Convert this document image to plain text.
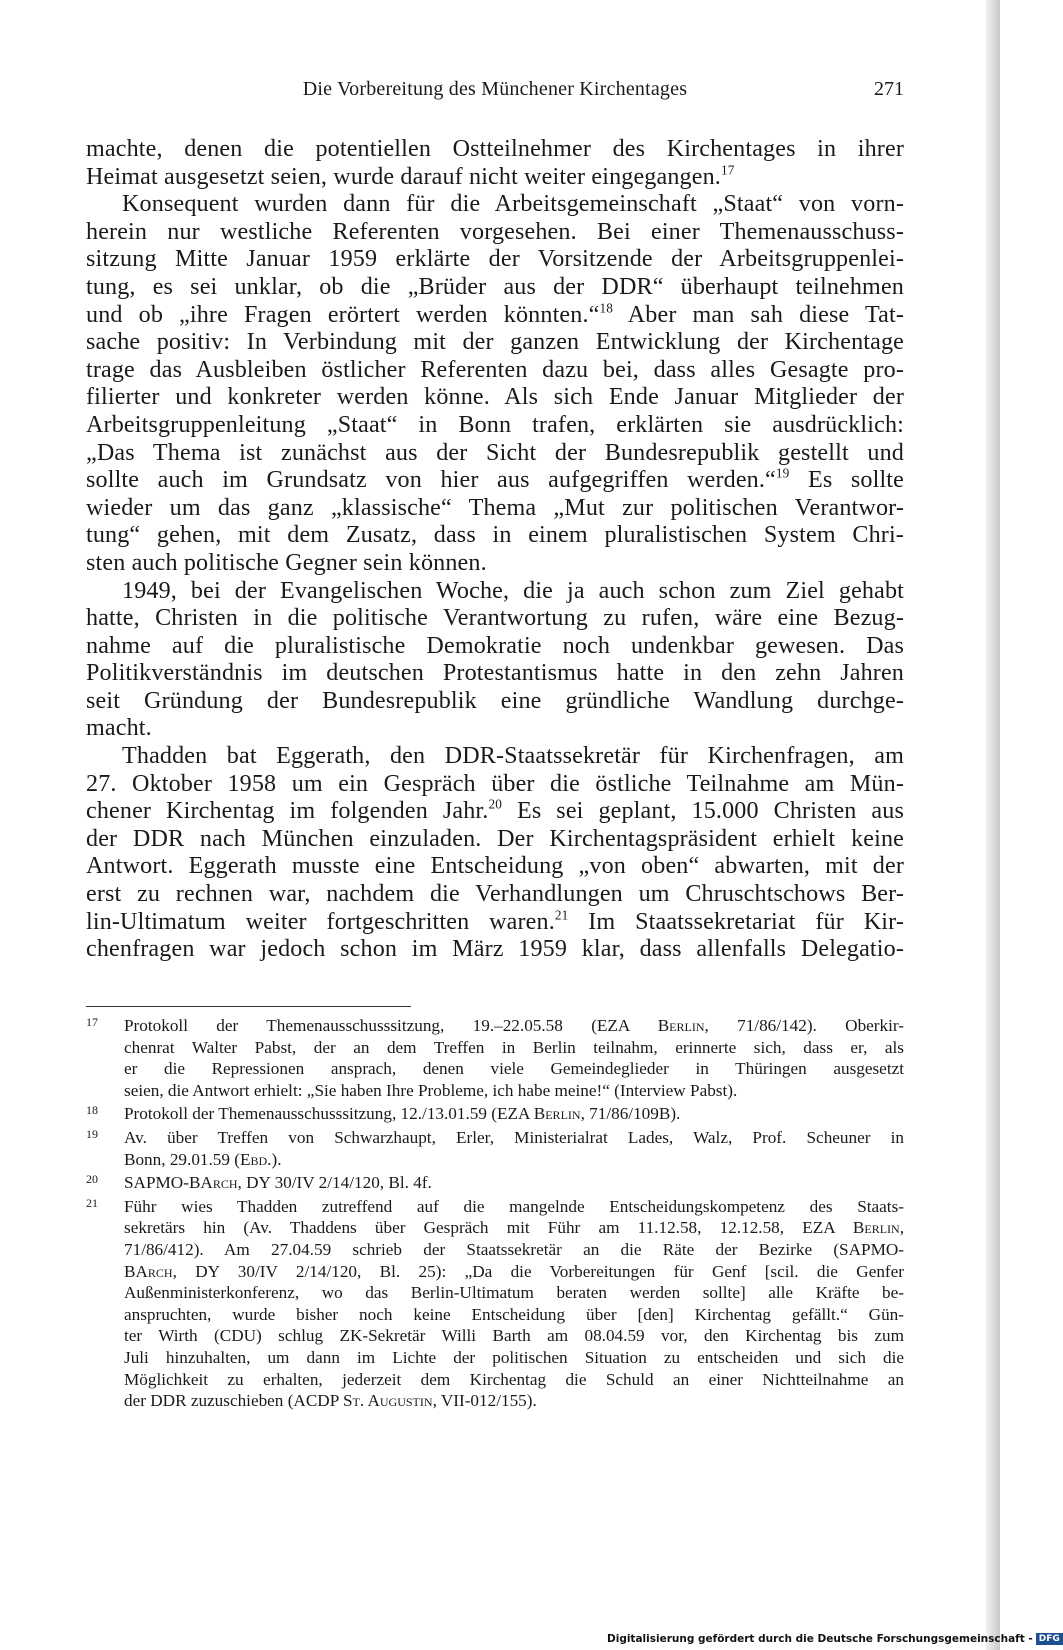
Die Vorbereitung des Münchener Kirchentages	271
machte, denen die potentiellen Ostteilnehmer des Kirchentages in ihrer
Heimat ausgesetzt seien, wurde darauf nicht weiter eingegangen.$^{17}$
Konsequent wurden dann für die Arbeitsgemeinschaft „Staat“ von vorn-
herein nur westliche Referenten vorgesehen. Bei einer Themenausschuss-
sitzung Mitte Januar 1959 erklärte der Vorsitzende der Arbeitsgruppenlei-
tung, es sei unklar, ob die „Brüder aus der DDR“ überhaupt teilnehmen
und ob „ihre Fragen erörtert werden könnten.“$^{18}$ Aber man sah diese Tat-
sache positiv: In Verbindung mit der ganzen Entwicklung der Kirchentage
trage das Ausbleiben östlicher Referenten dazu bei, dass alles Gesagte pro-
filierter und konkreter werden könne. Als sich Ende Januar Mitglieder der
Arbeitsgruppenleitung „Staat“ in Bonn trafen, erklärten sie ausdrücklich:
„Das Thema ist zunächst aus der Sicht der Bundesrepublik gestellt und
sollte auch im Grundsatz von hier aus aufgegriffen werden.“$^{19}$ Es sollte
wieder um das ganz „klassische“ Thema „Mut zur politischen Verantwor-
tung“ gehen, mit dem Zusatz, dass in einem pluralistischen System Chri-
sten auch politische Gegner sein können.
1949, bei der Evangelischen Woche, die ja auch schon zum Ziel gehabt
hatte, Christen in die politische Verantwortung zu rufen, wäre eine Bezug-
nahme auf die pluralistische Demokratie noch undenkbar gewesen. Das
Politikverständnis im deutschen Protestantismus hatte in den zehn Jahren
seit Gründung der Bundesrepublik eine gründliche Wandlung durchge-
macht.
Thadden bat Eggerath, den DDR-Staatssekretär für Kirchenfragen, am
27. Oktober 1958 um ein Gespräch über die östliche Teilnahme am Mün-
chener Kirchentag im folgenden Jahr.$^{20}$ Es sei geplant, 15.000 Christen aus
der DDR nach München einzuladen. Der Kirchentagspräsident erhielt keine
Antwort. Eggerath musste eine Entscheidung „von oben“ abwarten, mit der
erst zu rechnen war, nachdem die Verhandlungen um Chruschtschows Ber-
lin-Ultimatum weiter fortgeschritten waren.$^{21}$ Im Staatssekretariat für Kir-
chenfragen war jedoch schon im März 1959 klar, dass allenfalls Delegatio-
17 Protokoll der Themenausschusssitzung, 19.–22.05.58 (EZA Berlin, 71/86/142). Oberkir-
chenrat Walter Pabst, der an dem Treffen in Berlin teilnahm, erinnerte sich, dass er, als
er die Repressionen ansprach, denen viele Gemeindeglieder in Thüringen ausgesetzt
seien, die Antwort erhielt: „Sie haben Ihre Probleme, ich habe meine!“ (Interview Pabst).
18 Protokoll der Themenausschusssitzung, 12./13.01.59 (EZA Berlin, 71/86/109B).
19 Av. über Treffen von Schwarzhaupt, Erler, Ministerialrat Lades, Walz, Prof. Scheuner in
Bonn, 29.01.59 (Ebd.).
20 SAPMO-BArch, DY 30/IV 2/14/120, Bl. 4f.
21 Führ wies Thadden zutreffend auf die mangelnde Entscheidungskompetenz des Staats-
sekretärs hin (Av. Thaddens über Gespräch mit Führ am 11.12.58, 12.12.58, EZA Berlin,
71/86/412). Am 27.04.59 schrieb der Staatssekretär an die Räte der Bezirke (SAPMO-
BArch, DY 30/IV 2/14/120, Bl. 25): „Da die Vorbereitungen für Genf [scil. die Genfer
Außenministerkonferenz, wo das Berlin-Ultimatum beraten werden sollte] alle Kräfte be-
anspruchten, wurde bisher noch keine Entscheidung über [den] Kirchentag gefällt.“ Gün-
ter Wirth (CDU) schlug ZK-Sekretär Willi Barth am 08.04.59 vor, den Kirchentag bis zum
Juli hinzuhalten, um dann im Lichte der politischen Situation zu entscheiden und sich die
Möglichkeit zu erhalten, jederzeit dem Kirchentag die Schuld an einer Nichtteilnahme an
der DDR zuzuschieben (ACDP St. Augustin, VII-012/155).
Digitalisierung gefördert durch die Deutsche Forschungsgemeinschaft - DFG
